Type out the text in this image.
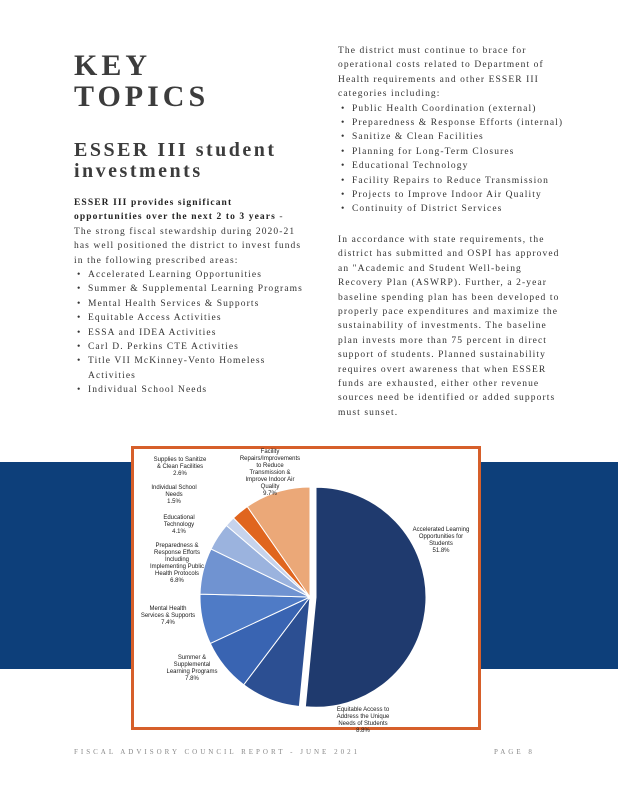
KEY
TOPICS
ESSER III student
investments

ESSER III provides significant opportunities over the next 2 to 3 years - The strong fiscal stewardship during 2020-21 has well positioned the district to invest funds in the following prescribed areas:

• Accelerated Learning Opportunities
• Summer & Supplemental Learning Programs
• Mental Health Services & Supports
• Equitable Access Activities
• ESSA and IDEA Activities
• Carl D. Perkins CTE Activities
• Title VII McKinney-Vento Homeless Activities
• Individual School Needs

The district must continue to brace for operational costs related to Department of Health requirements and other ESSER III categories including:

• Public Health Coordination (external)
• Preparedness & Response Efforts (internal)
• Sanitize & Clean Facilities
• Planning for Long-Term Closures
• Educational Technology
• Facility Repairs to Reduce Transmission
• Projects to Improve Indoor Air Quality
• Continuity of District Services

In accordance with state requirements, the district has submitted and OSPI has approved an "Academic and Student Well-being Recovery Plan (ASWRP). Further, a 2-year baseline spending plan has been developed to properly pace expenditures and maximize the sustainability of investments. The baseline plan invests more than 75 percent in direct support of students. Planned sustainability requires overt awareness that when ESSER funds are exhausted, either other revenue sources need be identified or added supports must sunset.

Accelerated Learning Opportunities for Students 51.8%
Equitable Access to Address the Unique Needs of Students 8.8%
Summer & Supplemental Learning Programs 7.8%
Mental Health Services & Supports 7.4%
Preparedness & Response Efforts Including Implementing Public Health Protocols 6.8%
Educational Technology 4.1%
Individual School Needs 1.5%
Supplies to Sanitize & Clean Facilities 2.6%
Facility Repairs/Improvements to Reduce Transmission & Improve Indoor Air Quality 9.7%
FISCAL ADVISORY COUNCIL REPORT - JUNE 2021	PAGE 8
